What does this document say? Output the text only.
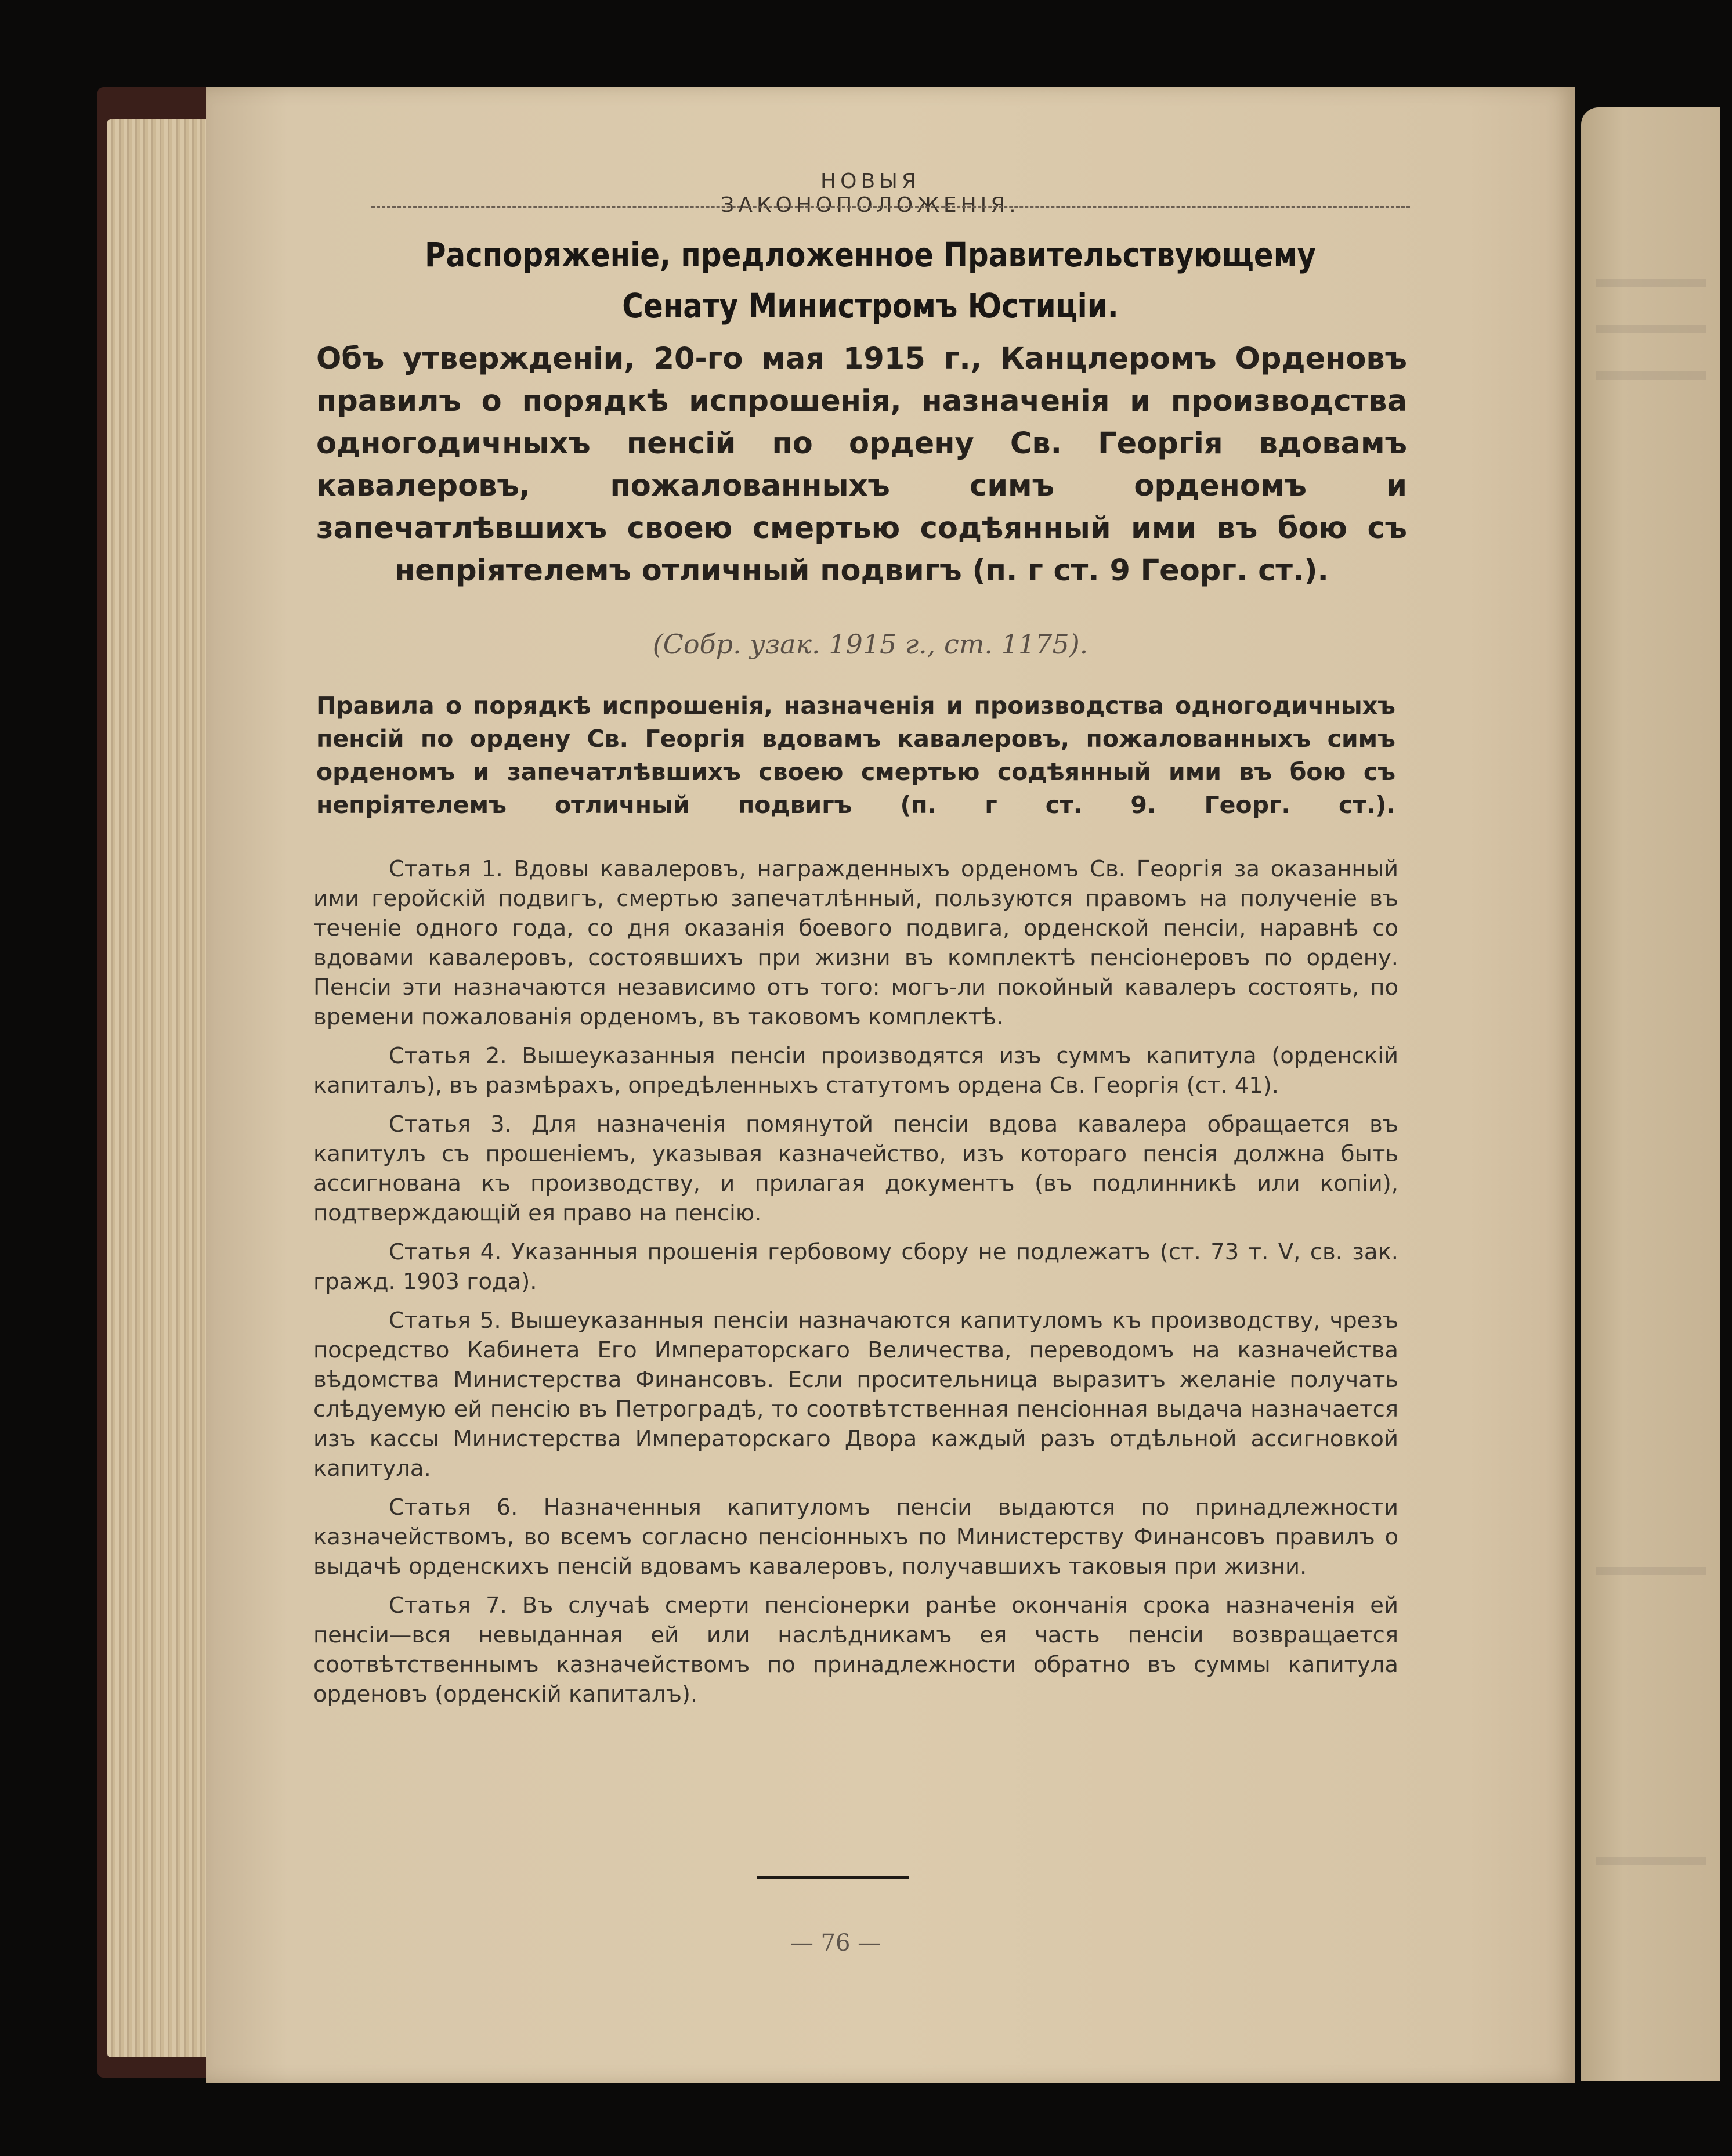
НОВЫЯ ЗАКОНОПОЛОЖЕНІЯ.
Распоряженіе, предложенное Правительствующему Сенату Министромъ Юстиціи.
Объ утвержденіи, 20-го мая 1915 г., Канцлеромъ Орденовъ правилъ о порядкѣ испрошенія, назначенія и производства одногодичныхъ пенсій по ордену Св. Георгія вдовамъ кавалеровъ, пожалованныхъ симъ орденомъ и запечатлѣвшихъ своею смертью содѣянный ими въ бою съ непріятелемъ отличный подвигъ (п. г ст. 9 Георг. ст.).
(Собр. узак. 1915 г., ст. 1175).
Правила о порядкѣ испрошенія, назначенія и производства одногодичныхъ пенсій по ордену Св. Георгія вдовамъ кавалеровъ, пожалованныхъ симъ орденомъ и запечатлѣвшихъ своею смертью содѣянный ими въ бою съ непріятелемъ отличный подвигъ (п. г ст. 9. Георг. ст.).

Статья 1. Вдовы кавалеровъ, награжденныхъ орденомъ Св. Георгія за оказанный ими геройскій подвигъ, смертью запечатлѣнный, пользуются правомъ на полученіе въ теченіе одного года, со дня оказанія боевого подвига, орденской пенсіи, наравнѣ со вдовами кавалеровъ, состоявшихъ при жизни въ комплектѣ пенсіонеровъ по ордену. Пенсіи эти назначаются независимо отъ того: могъ-ли покойный кавалеръ состоять, по времени пожалованія орденомъ, въ таковомъ комплектѣ.

Статья 2. Вышеуказанныя пенсіи производятся изъ суммъ капитула (орденскій капиталъ), въ размѣрахъ, опредѣленныхъ статутомъ ордена Св. Георгія (ст. 41).

Статья 3. Для назначенія помянутой пенсіи вдова кавалера обращается въ капитулъ съ прошеніемъ, указывая казначейство, изъ котораго пенсія должна быть ассигнована къ производству, и прилагая документъ (въ подлинникѣ или копіи), подтверждающій ея право на пенсію.

Статья 4. Указанныя прошенія гербовому сбору не подлежатъ (ст. 73 т. V, св. зак. гражд. 1903 года).

Статья 5. Вышеуказанныя пенсіи назначаются капитуломъ къ производству, чрезъ посредство Кабинета Его Императорскаго Величества, переводомъ на казначейства вѣдомства Министерства Финансовъ. Если просительница выразитъ желаніе получать слѣдуемую ей пенсію въ Петроградѣ, то соотвѣтственная пенсіонная выдача назначается изъ кассы Министерства Императорскаго Двора каждый разъ отдѣльной ассигновкой капитула.

Статья 6. Назначенныя капитуломъ пенсіи выдаются по принадлежности казначействомъ, во всемъ согласно пенсіонныхъ по Министерству Финансовъ правилъ о выдачѣ орденскихъ пенсій вдовамъ кавалеровъ, получавшихъ таковыя при жизни.

Статья 7. Въ случаѣ смерти пенсіонерки ранѣе окончанія срока назначенія ей пенсіи—вся невыданная ей или наслѣдникамъ ея часть пенсіи возвращается соотвѣтственнымъ казначействомъ по принадлежности обратно въ суммы капитула орденовъ (орденскій капиталъ).

— 76 —
